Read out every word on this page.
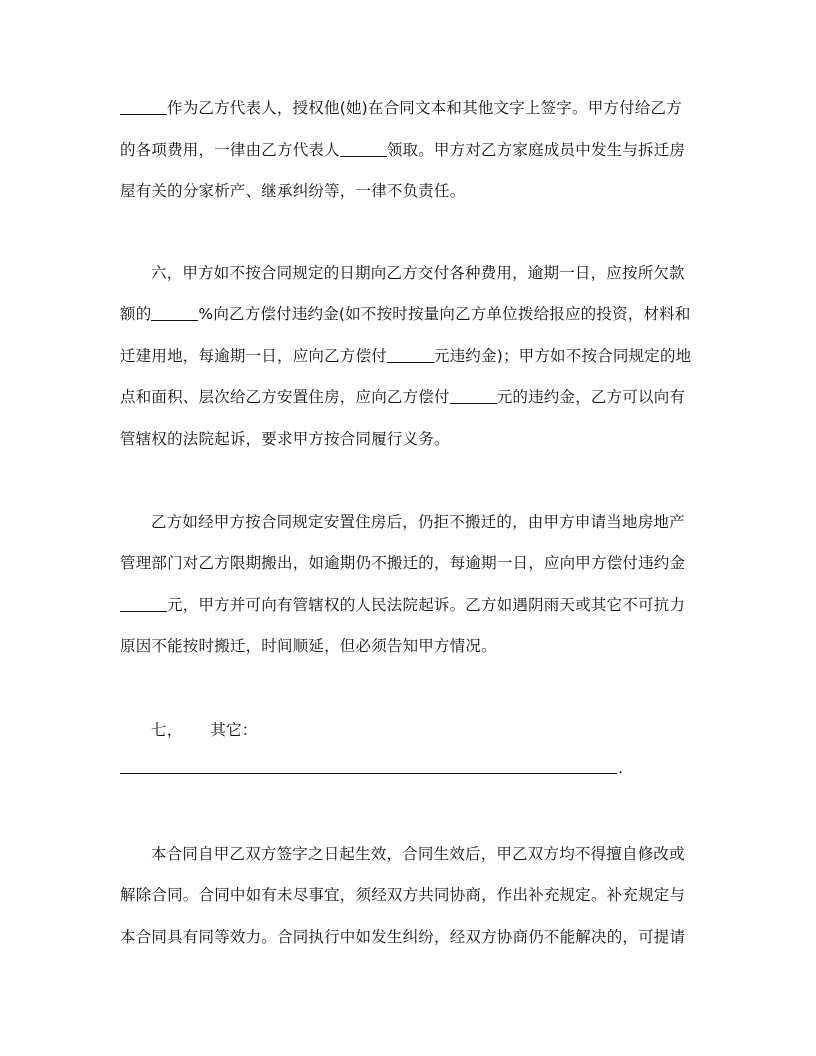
作为乙方代表人，授权他(她)在合同文本和其他文字上签字。甲方付给乙方
的各项费用，一律由乙方代表人	领取。甲方对乙方家庭成员中发生与拆迁房
屋有关的分家析产、继承纠纷等，一律不负责任。
六，甲方如不按合同规定的日期向乙方交付各种费用，逾期一日，应按所欠款
额的	%向乙方偿付违约金(如不按时按量向乙方单位拨给报应的投资，材料和
迁建用地，每逾期一日，应向乙方偿付	元违约金)；甲方如不按合同规定的地
点和面积、层次给乙方安置住房，应向乙方偿付	元的违约金，乙方可以向有
管辖权的法院起诉，要求甲方按合同履行义务。
乙方如经甲方按合同规定安置住房后，仍拒不搬迁的，由甲方申请当地房地产
管理部门对乙方限期搬出，如逾期仍不搬迁的，每逾期一日，应向甲方偿付违约金
元，甲方并可向有管辖权的人民法院起诉。乙方如遇阴雨天或其它不可抗力
原因不能按时搬迁，时间顺延，但必须告知甲方情况。
七， 其它：
.
本合同自甲乙双方签字之日起生效，合同生效后，甲乙双方均不得擅自修改或
解除合同。合同中如有未尽事宜，须经双方共同协商，作出补充规定。补充规定与
本合同具有同等效力。合同执行中如发生纠纷，经双方协商仍不能解决的，可提请
